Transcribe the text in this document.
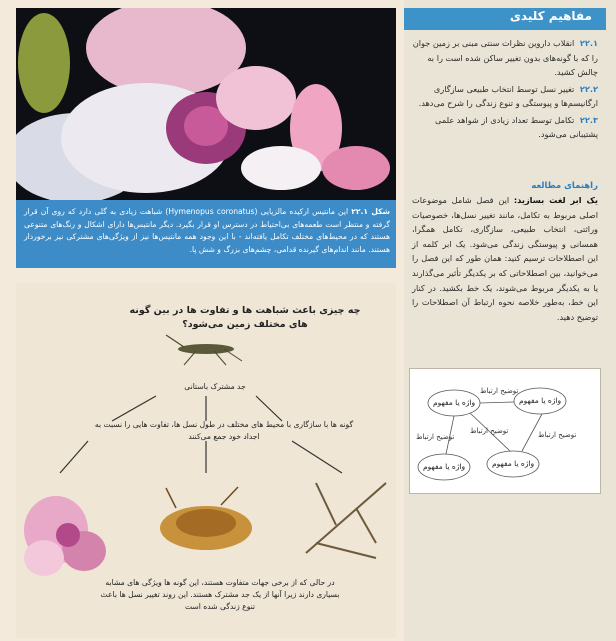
مفاهیم کلیدی
۲۲.۱ انقلاب داروین نظرات سنتی مبنی بر زمین جوان را که با گونه‌های بدون تغییر ساکن شده است را به چالش کشید.
۲۲.۲ تغییر نسل توسط انتخاب طبیعی سازگاری ارگانیسم‌ها و پیوستگی و تنوع زندگی را شرح می‌دهد.
۲۲.۳ تکامل توسط تعداد زیادی از شواهد علمی پشتیبانی می‌شود.
راهنمای مطالعه
یک ابر لغت بسازید: این فصل شامل موضوعات اصلی مربوط به تکامل، مانند تغییر نسل‌ها، خصوصیات وراثتی، انتخاب طبیعی، سازگاری، تکامل همگرا، همسانی و پیوستگی زندگی می‌شود. یک ابر کلمه از این اصطلاحات ترسیم کنید: همان طور که این فصل را می‌خوانید، بین اصطلاحاتی که بر یکدیگر تأثیر می‌گذارند یا به یکدیگر مربوط می‌شوند، یک خط بکشید. در کنار این خط، به‌طور خلاصه نحوه ارتباط آن اصطلاحات را توضیح دهید.
واژه یا مفهوم
واژه یا مفهوم
واژه یا مفهوم	واژه یا مفهوم
توضیح ارتباط
توضیح ارتباط
توضیح ارتباط	توضیح ارتباط
شکل ۲۲.۱ این مانتیس ارکیده مالزیایی (Hymenopus coronatus) شباهت زیادی به گلی دارد که روی آن قرار گرفته و منتظر است طعمه‌های بی‌احتیاط در دسترس او قرار بگیرد. دیگر مانتیس‌ها دارای اشکال و رنگ‌های متنوعی هستند که در محیط‌های مختلف تکامل یافته‌اند - با این وجود همه مانتیس‌ها نیز از ویژگی‌های مشترکی نیز برخوردار هستند. مانند اندام‌های گیرنده قدامی، چشم‌های بزرگ و شش پا.
چه چیزی باعث شباهت ها و تفاوت ها در بین گونه های مختلف زمین می‌شود؟
جد مشترک باستانی
گونه ها با سازگاری با محیط های مختلف در طول نسل ها، تفاوت هایی را نسبت به اجداد خود جمع می‌کنند
در حالی که از برخی جهات متفاوت هستند، این گونه ها ویژگی های مشابه بسیاری دارند زیرا آنها از یک جد مشترک هستند. این روند تغییر نسل ها باعث تنوع زندگی شده است
